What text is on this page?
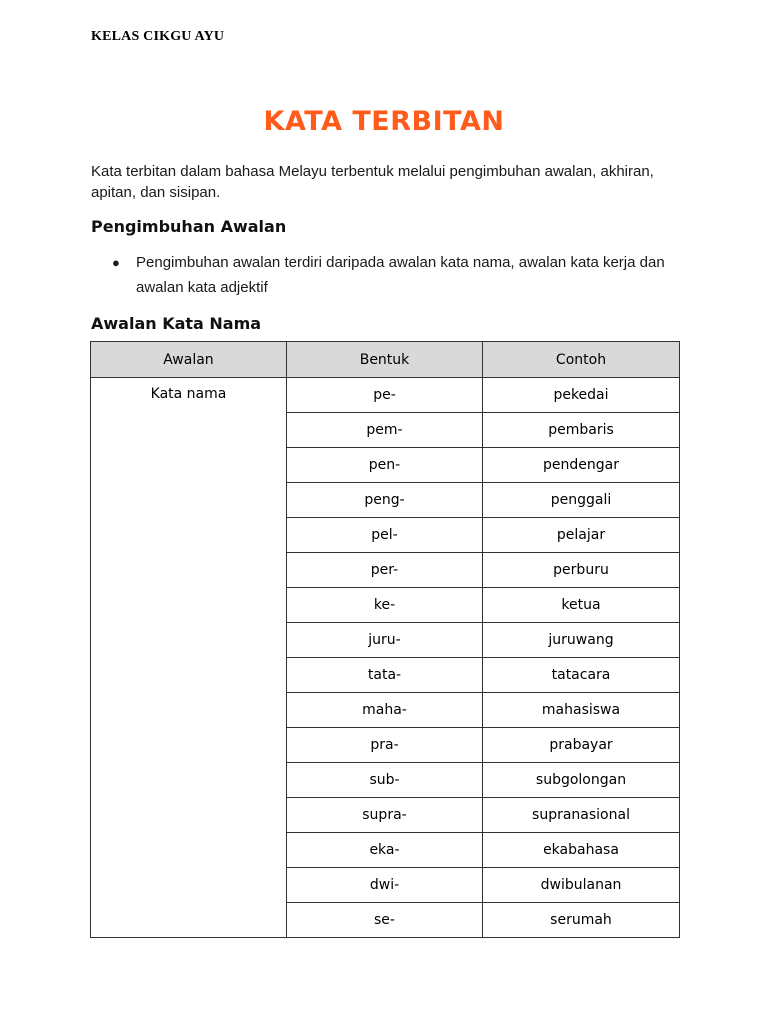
KELAS CIKGU AYU
KATA TERBITAN
Kata terbitan dalam bahasa Melayu terbentuk melalui pengimbuhan awalan, akhiran, apitan, dan sisipan.
Pengimbuhan Awalan
● Pengimbuhan awalan terdiri daripada awalan kata nama, awalan kata kerja dan awalan kata adjektif
Awalan Kata Nama
Awalan	Bentuk	Contoh
Kata nama	pe-	pekedai
	pem-	pembaris
	pen-	pendengar
	peng-	penggali
	pel-	pelajar
	per-	perburu
	ke-	ketua
	juru-	juruwang
	tata-	tatacara
	maha-	mahasiswa
	pra-	prabayar
	sub-	subgolongan
	supra-	supranasional
	eka-	ekabahasa
	dwi-	dwibulanan
	se-	serumah
